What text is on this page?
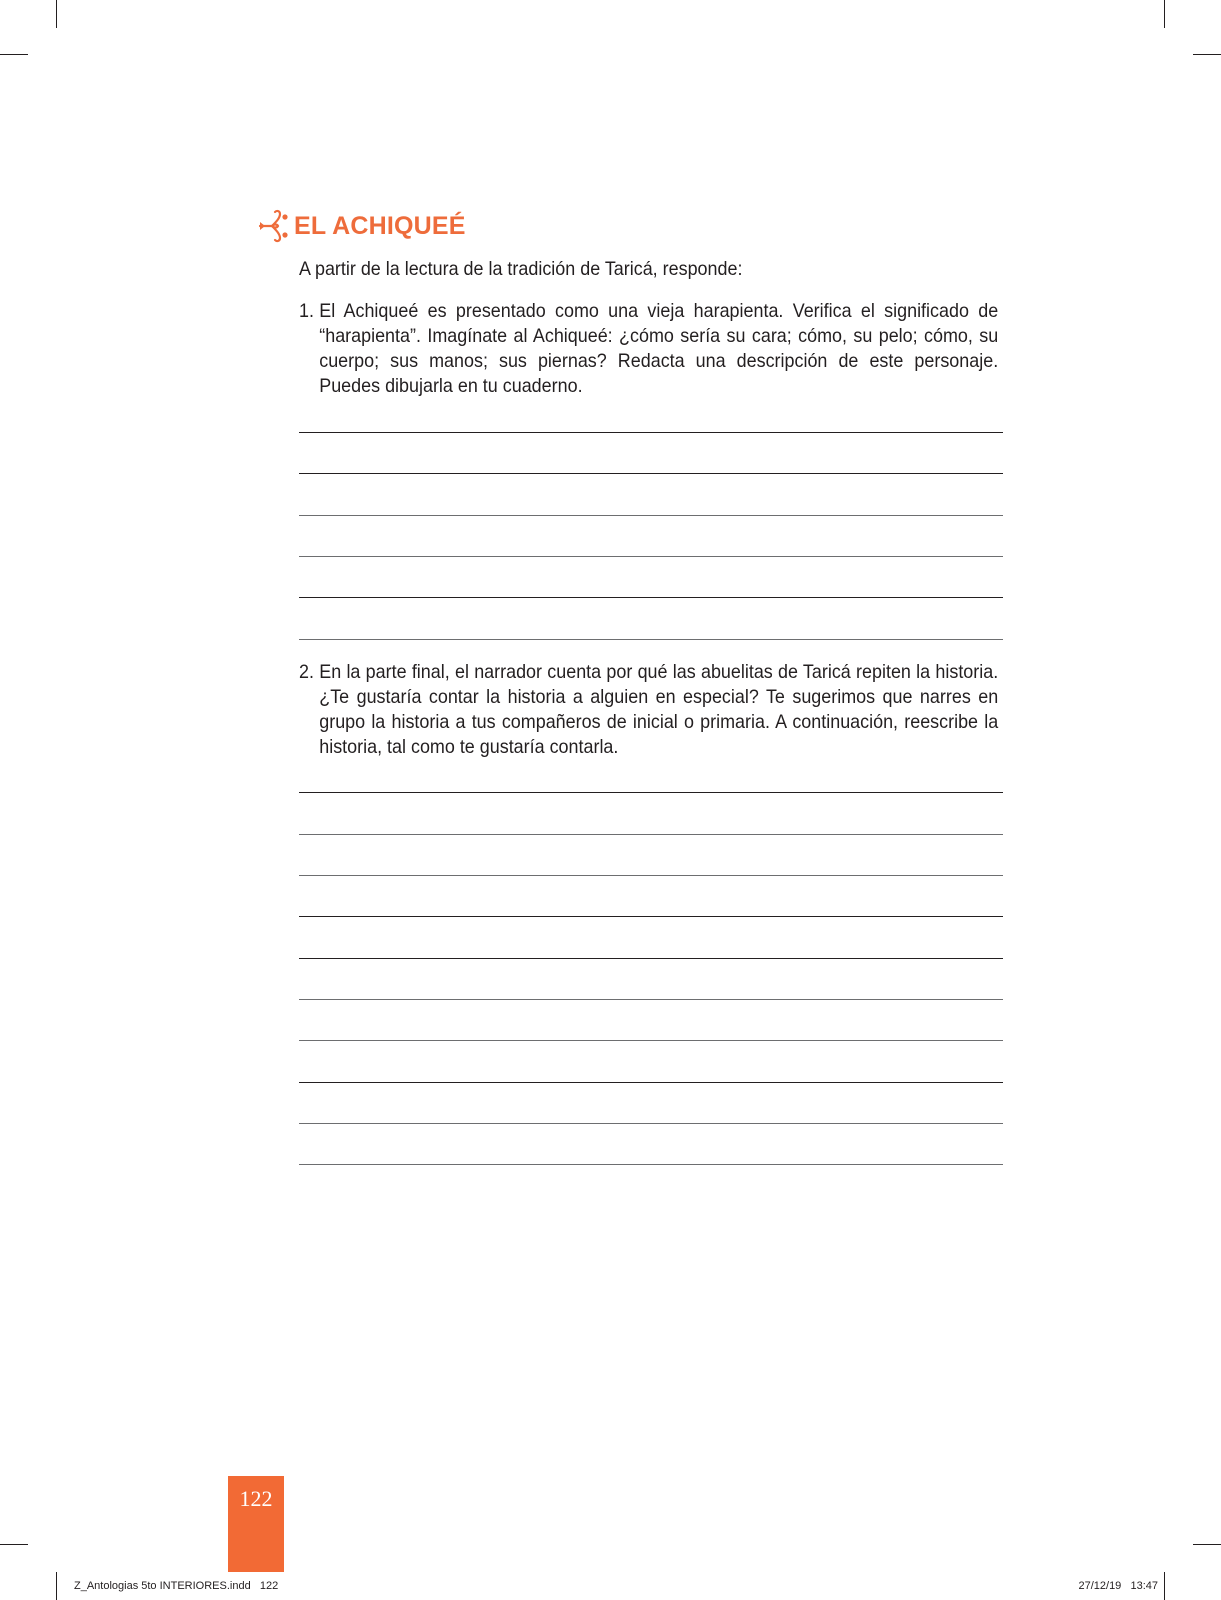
EL ACHIQUEÉ
A partir de la lectura de la tradición de Taricá, responde:
1. El Achiqueé es presentado como una vieja harapienta. Verifica el significado de “harapienta”. Imagínate al Achiqueé: ¿cómo sería su cara; cómo, su pelo; cómo, su cuerpo; sus manos; sus piernas? Redacta una descripción de este personaje. Puedes dibujarla en tu cuaderno.
2. En la parte final, el narrador cuenta por qué las abuelitas de Taricá repiten la historia. ¿Te gustaría contar la historia a alguien en especial? Te sugerimos que narres en grupo la historia a tus compañeros de inicial o primaria. A continuación, reescribe la historia, tal como te gustaría contarla.
122
Z_Antologias 5to INTERIORES.indd   122	27/12/19   13:47
